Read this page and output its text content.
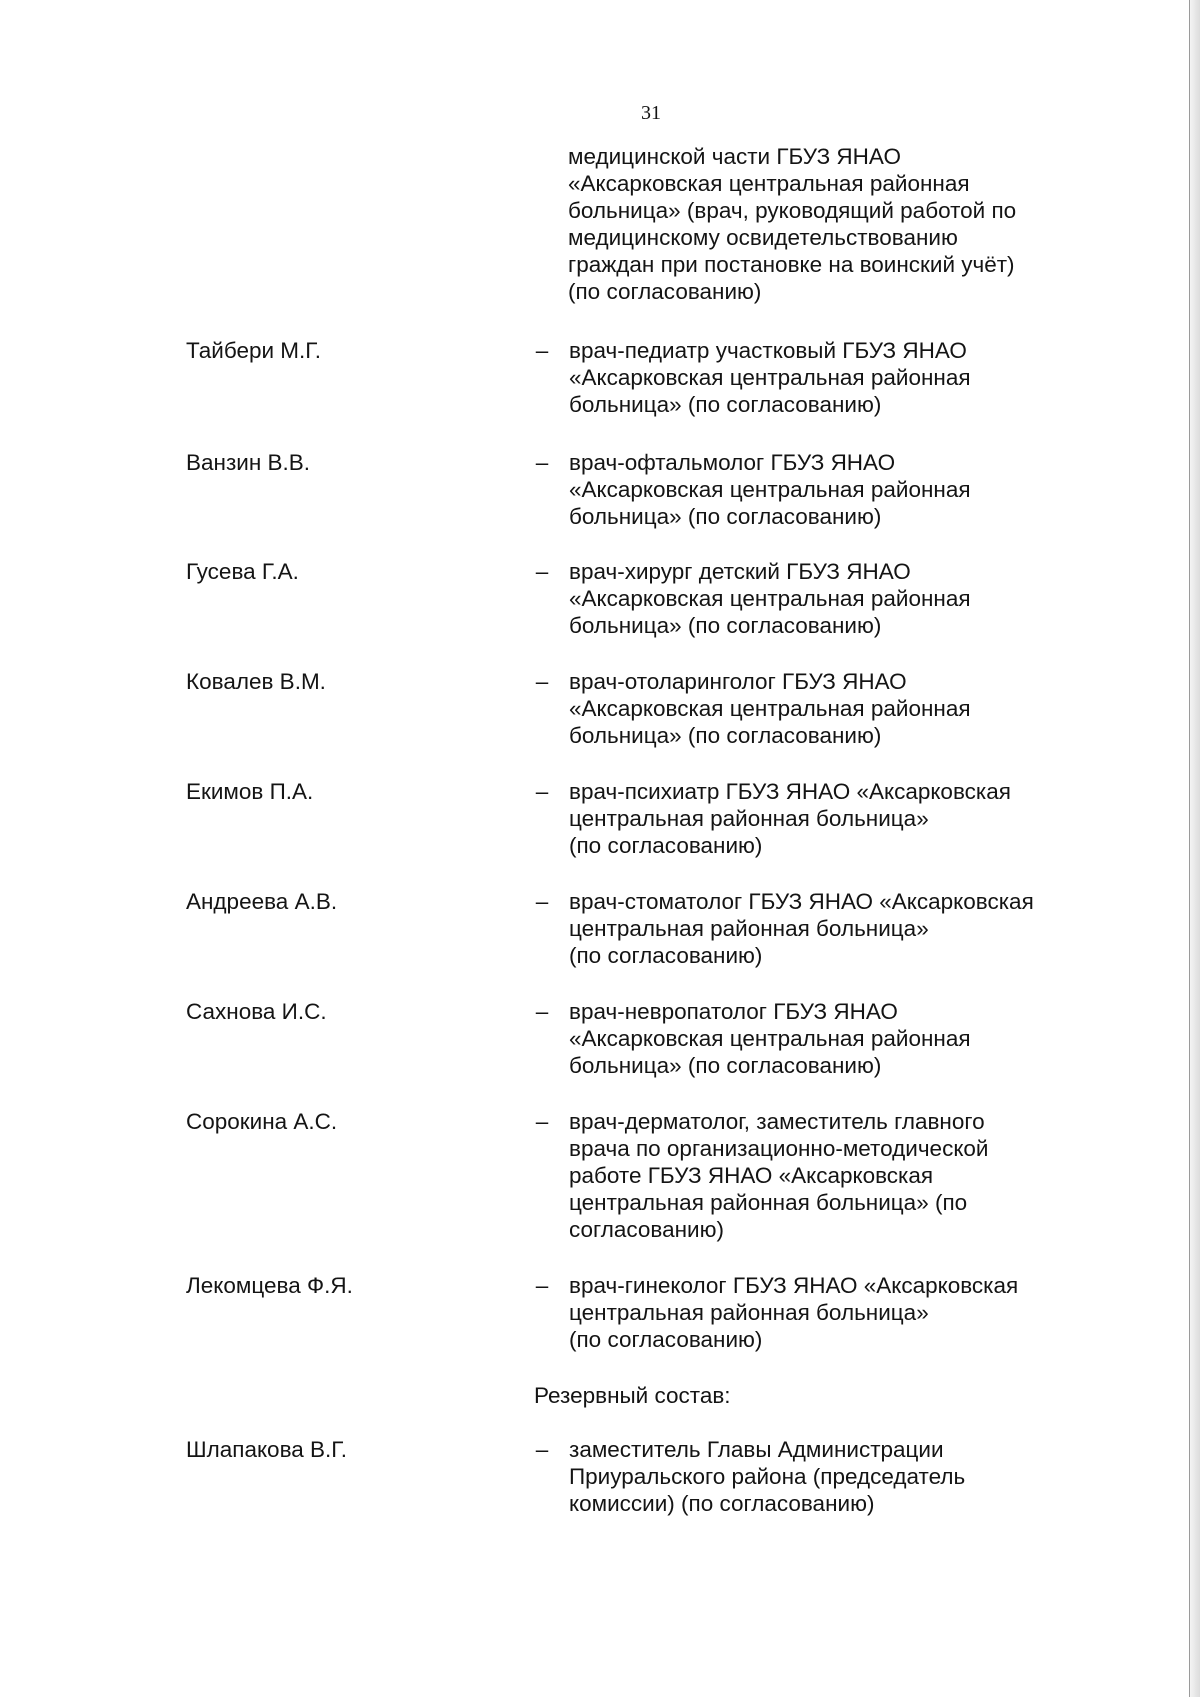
31
медицинской части ГБУЗ ЯНАО
«Аксарковская центральная районная
больница» (врач, руководящий работой по
медицинскому освидетельствованию
граждан при постановке на воинский учёт)
(по согласованию)
Тайбери М.Г.	– врач-педиатр участковый ГБУЗ ЯНАО
«Аксарковская центральная районная
больница» (по согласованию)
Ванзин В.В.	– врач-офтальмолог ГБУЗ ЯНАО
«Аксарковская центральная районная
больница» (по согласованию)
Гусева Г.А.	– врач-хирург детский ГБУЗ ЯНАО
«Аксарковская центральная районная
больница» (по согласованию)
Ковалев В.М.	– врач-отоларинголог ГБУЗ ЯНАО
«Аксарковская центральная районная
больница» (по согласованию)
Екимов П.А.	– врач-психиатр ГБУЗ ЯНАО «Аксарковская
центральная районная больница»
(по согласованию)
Андреева А.В.	– врач-стоматолог ГБУЗ ЯНАО «Аксарковская
центральная районная больница»
(по согласованию)
Сахнова И.С.	– врач-невропатолог ГБУЗ ЯНАО
«Аксарковская центральная районная
больница» (по согласованию)
Сорокина А.С.	– врач-дерматолог, заместитель главного
врача по организационно-методической
работе ГБУЗ ЯНАО «Аксарковская
центральная районная больница» (по
согласованию)
Лекомцева Ф.Я.	– врач-гинеколог ГБУЗ ЯНАО «Аксарковская
центральная районная больница»
(по согласованию)
Резервный состав:
Шлапакова В.Г.	– заместитель Главы Администрации
Приуральского района (председатель
комиссии) (по согласованию)
